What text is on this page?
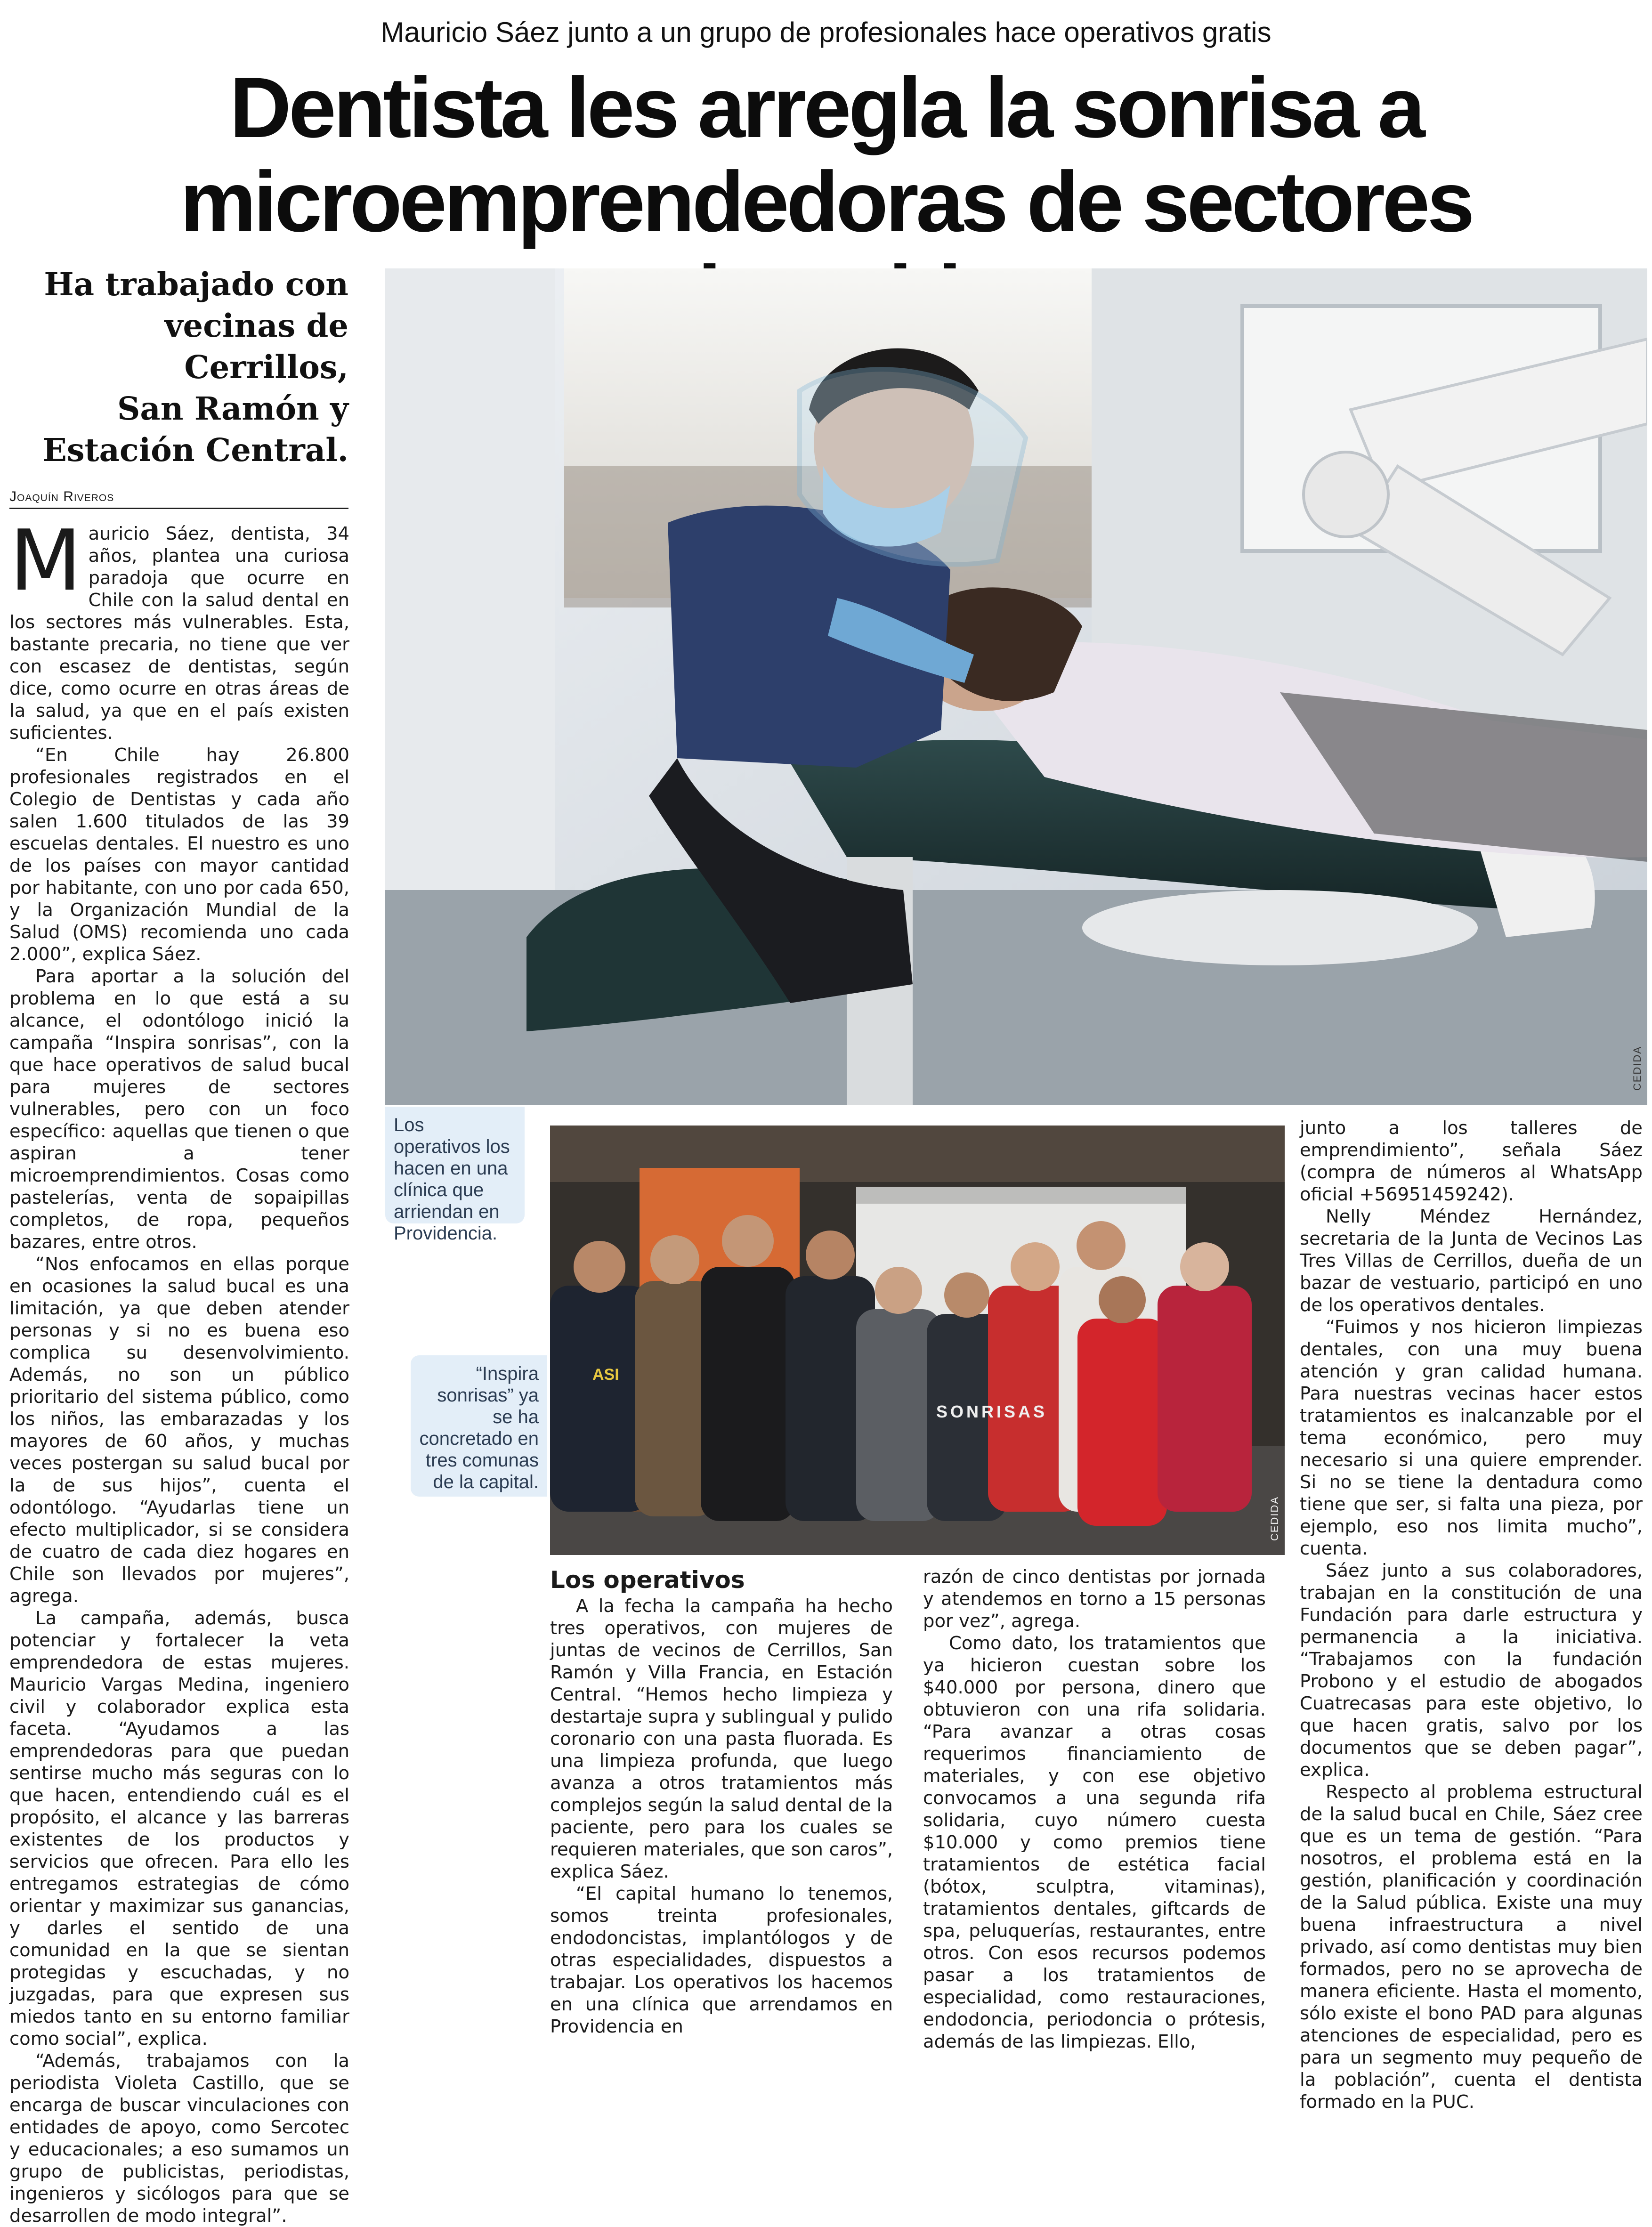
Mauricio Sáez junto a un grupo de profesionales hace operativos gratis
Dentista les arregla la sonrisa a
microemprendedoras de sectores
Ha trabajado con
vecinas de Cerrillos,
San Ramón y
Estación Central.
Joaquín Riveros
CEDIDA
Los operativos los hacen en una clínica que arriendan en Providencia.
“Inspira sonrisas” ya se ha concretado en tres comunas de la capital.
SONRISAS
ASI
CEDIDA

Mauricio Sáez, dentista, 34 años, plantea una curiosa paradoja que ocurre en Chile con la salud dental en los sectores más vulnerables. Esta, bastante precaria, no tiene que ver con escasez de dentistas, según dice, como ocurre en otras áreas de la salud, ya que en el país existen suficientes.

“En Chile hay 26.800 profesionales registrados en el Colegio de Dentistas y cada año salen 1.600 titulados de las 39 escuelas dentales. El nuestro es uno de los países con mayor cantidad por habitante, con uno por cada 650, y la Organización Mundial de la Salud (OMS) recomienda uno cada 2.000”, explica Sáez.

Para aportar a la solución del problema en lo que está a su alcance, el odontólogo inició la campaña “Inspira sonrisas”, con la que hace operativos de salud bucal para mujeres de sectores vulnerables, pero con un foco específico: aquellas que tienen o que aspiran a tener microemprendimientos. Cosas como pastelerías, venta de sopaipillas completos, de ropa, pequeños bazares, entre otros.

“Nos enfocamos en ellas porque en ocasiones la salud bucal es una limitación, ya que deben atender personas y si no es buena eso complica su desenvolvimiento. Además, no son un público prioritario del sistema público, como los niños, las embarazadas y los mayores de 60 años, y muchas veces postergan su salud bucal por la de sus hijos”, cuenta el odontólogo. “Ayudarlas tiene un efecto multiplicador, si se considera de cuatro de cada diez hogares en Chile son llevados por mujeres”, agrega.

La campaña, además, busca potenciar y fortalecer la veta emprendedora de estas mujeres. Mauricio Vargas Medina, ingeniero civil y colaborador explica esta faceta. “Ayudamos a las emprendedoras para que puedan sentirse mucho más seguras con lo que hacen, entendiendo cuál es el propósito, el alcance y las barreras existentes de los productos y servicios que ofrecen. Para ello les entregamos estrategias de cómo orientar y maximizar sus ganancias, y darles el sentido de una comunidad en la que se sientan protegidas y escuchadas, y no juzgadas, para que expresen sus miedos tanto en su entorno familiar como social”, explica.

“Además, trabajamos con la periodista Violeta Castillo, que se encarga de buscar vinculaciones con entidades de apoyo, como Sercotec y educacionales; a eso sumamos un grupo de publicistas, periodistas, ingenieros y sicólogos para que se desarrollen de modo integral”.

Los operativos

A la fecha la campaña ha hecho tres operativos, con mujeres de juntas de vecinos de Cerrillos, San Ramón y Villa Francia, en Estación Central. “Hemos hecho limpieza y destartaje supra y sublingual y pulido coronario con una pasta fluorada. Es una limpieza profunda, que luego avanza a otros tratamientos más complejos según la salud dental de la paciente, pero para los cuales se requieren materiales, que son caros”, explica Sáez.

“El capital humano lo tenemos, somos treinta profesionales, endodoncistas, implantólogos y de otras especialidades, dispuestos a trabajar. Los operativos los hacemos en una clínica que arrendamos en Providencia en

razón de cinco dentistas por jornada y atendemos en torno a 15 personas por vez”, agrega.

Como dato, los tratamientos que ya hicieron cuestan sobre los $40.000 por persona, dinero que obtuvieron con una rifa solidaria. “Para avanzar a otras cosas requerimos financiamiento de materiales, y con ese objetivo convocamos a una segunda rifa solidaria, cuyo número cuesta $10.000 y como premios tiene tratamientos de estética facial (bótox, sculptra, vitaminas), tratamientos dentales, giftcards de spa, peluquerías, restaurantes, entre otros. Con esos recursos podemos pasar a los tratamientos de especialidad, como restauraciones, endodoncia, periodoncia o prótesis, además de las limpiezas. Ello,

junto a los talleres de emprendimiento”, señala Sáez (compra de números al WhatsApp oficial +56951459242).

Nelly Méndez Hernández, secretaria de la Junta de Vecinos Las Tres Villas de Cerrillos, dueña de un bazar de vestuario, participó en uno de los operativos dentales.

“Fuimos y nos hicieron limpiezas dentales, con una muy buena atención y gran calidad humana. Para nuestras vecinas hacer estos tratamientos es inalcanzable por el tema económico, pero muy necesario si una quiere emprender. Si no se tiene la dentadura como tiene que ser, si falta una pieza, por ejemplo, eso nos limita mucho”, cuenta.

Sáez junto a sus colaboradores, trabajan en la constitución de una Fundación para darle estructura y permanencia a la iniciativa. “Trabajamos con la fundación Probono y el estudio de abogados Cuatrecasas para este objetivo, lo que hacen gratis, salvo por los documentos que se deben pagar”, explica.

Respecto al problema estructural de la salud bucal en Chile, Sáez cree que es un tema de gestión. “Para nosotros, el problema está en la gestión, planificación y coordinación de la Salud pública. Existe una muy buena infraestructura a nivel privado, así como dentistas muy bien formados, pero no se aprovecha de manera eficiente. Hasta el momento, sólo existe el bono PAD para algunas atenciones de especialidad, pero es para un segmento muy pequeño de la población”, cuenta el dentista formado en la PUC.
